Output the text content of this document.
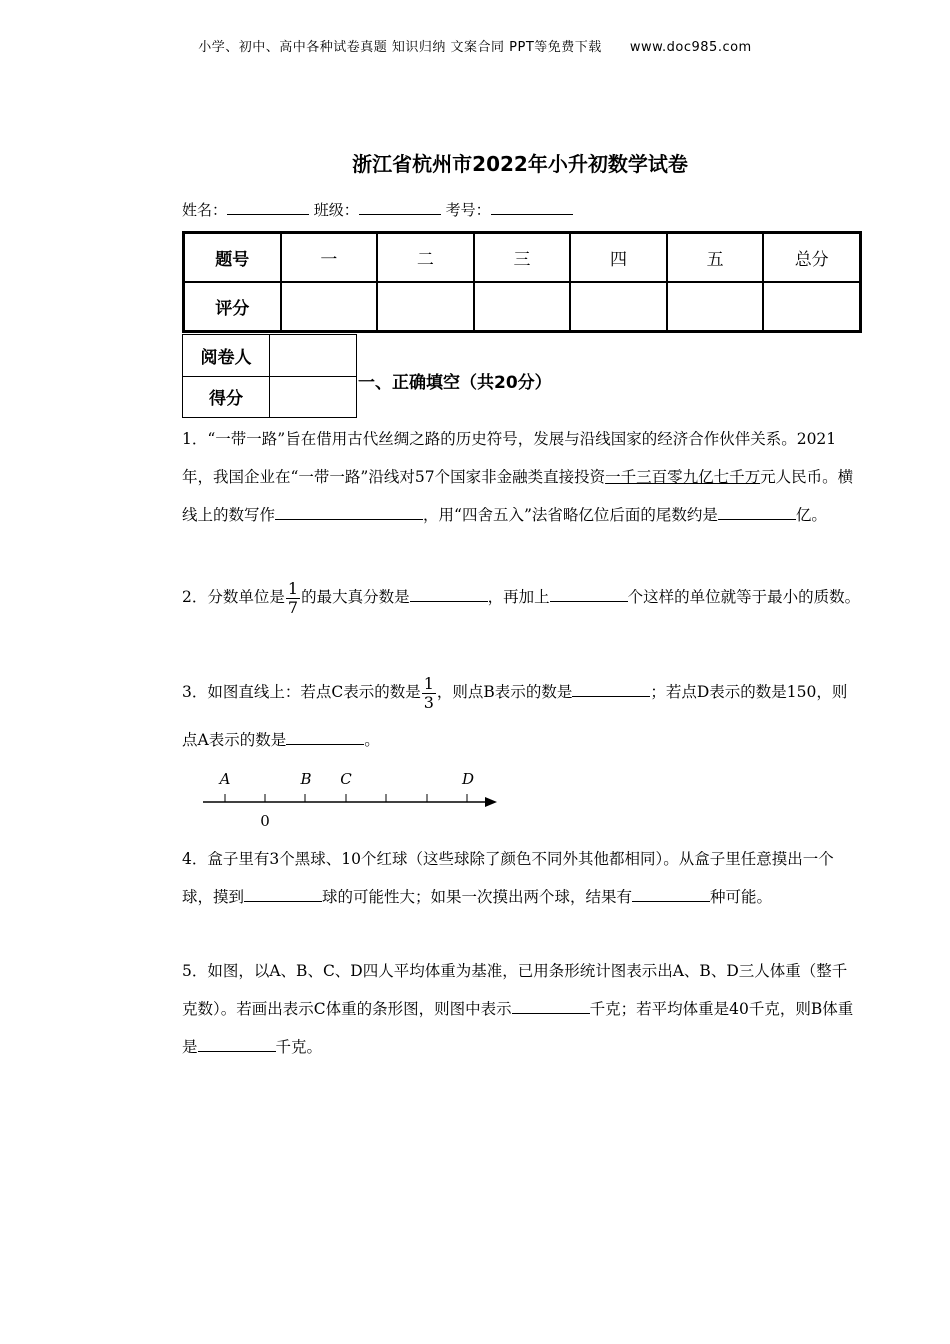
小学、初中、高中各种试卷真题 知识归纳 文案合同 PPT等免费下载 www.doc985.com
浙江省杭州市2022年小升初数学试卷
姓名：	班级：	考号：
题号	一	二	三	四	五	总分
评分						
阅卷人	
得分	
一、正确填空（共20分）
1．“一带一路”旨在借用古代丝绸之路的历史符号，发展与沿线国家的经济合作伙伴关系。2021年，我国企业在“一带一路”沿线对57个国家非金融类直接投资一千三百零九亿七千万元人民币。横线上的数写作	，用“四舍五入”法省略亿位后面的尾数约是	亿。
2．分数单位是 $\frac{1}{7}$ 的最大真分数是	，再加上	个这样的单位就等于最小的质数。
3．如图直线上：若点C表示的数是 $\frac{1}{3}$ ，则点B表示的数是	；若点D表示的数是150，则点A表示的数是	。
A	B C	D
0
4．盒子里有3个黑球、10个红球（这些球除了颜色不同外其他都相同）。从盒子里任意摸出一个球，摸到	球的可能性大；如果一次摸出两个球，结果有	种可能。
5．如图，以A、B、C、D四人平均体重为基准，已用条形统计图表示出A、B、D三人体重（整千克数）。若画出表示C体重的条形图，则图中表示	千克；若平均体重是40千克，则B体重是	千克。
